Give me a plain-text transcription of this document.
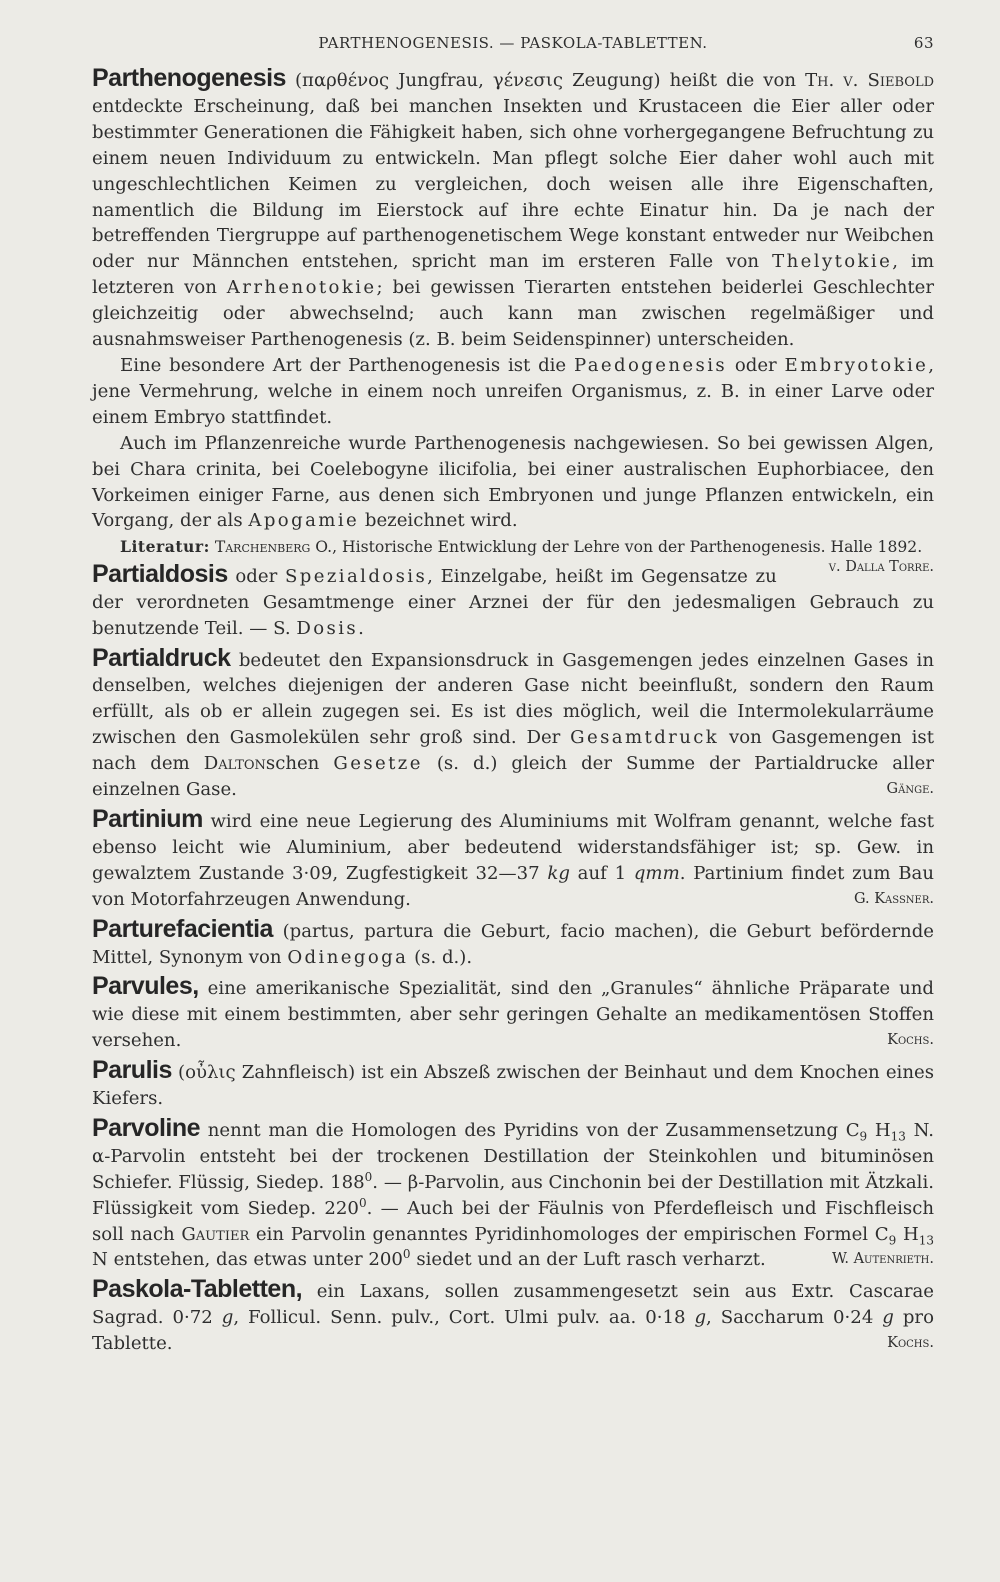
PARTHENOGENESIS. — PASKOLA-TABLETTEN.	63

Parthenogenesis (παρθένος Jungfrau, γένεσις Zeugung) heißt die von Th. v. Siebold entdeckte Erscheinung, daß bei manchen Insekten und Krustaceen die Eier aller oder bestimmter Generationen die Fähigkeit haben, sich ohne vorhergegangene Befruchtung zu einem neuen Individuum zu entwickeln. Man pflegt solche Eier daher wohl auch mit ungeschlechtlichen Keimen zu vergleichen, doch weisen alle ihre Eigenschaften, namentlich die Bildung im Eierstock auf ihre echte Einatur hin. Da je nach der betreffenden Tiergruppe auf parthenogenetischem Wege konstant entweder nur Weibchen oder nur Männchen entstehen, spricht man im ersteren Falle von Thelytokie, im letzteren von Arrhenotokie; bei gewissen Tierarten entstehen beiderlei Geschlechter gleichzeitig oder abwechselnd; auch kann man zwischen regelmäßiger und ausnahmsweiser Parthenogenesis (z. B. beim Seidenspinner) unterscheiden.

Eine besondere Art der Parthenogenesis ist die Paedogenesis oder Embryotokie, jene Vermehrung, welche in einem noch unreifen Organismus, z. B. in einer Larve oder einem Embryo stattfindet.

Auch im Pflanzenreiche wurde Parthenogenesis nachgewiesen. So bei gewissen Algen, bei Chara crinita, bei Coelebogyne ilicifolia, bei einer australischen Euphorbiacee, den Vorkeimen einiger Farne, aus denen sich Embryonen und junge Pflanzen entwickeln, ein Vorgang, der als Apogamie bezeichnet wird.

Literatur: Tarchenberg O., Historische Entwicklung der Lehre von der Parthenogenesis. Halle 1892.
v. Dalla Torre.

Partialdosis oder Spezialdosis, Einzelgabe, heißt im Gegensatze zu der verordneten Gesamtmenge einer Arznei der für den jedesmaligen Gebrauch zu benutzende Teil. — S. Dosis.

Partialdruck bedeutet den Expansionsdruck in Gasgemengen jedes einzelnen Gases in denselben, welches diejenigen der anderen Gase nicht beeinflußt, sondern den Raum erfüllt, als ob er allein zugegen sei. Es ist dies möglich, weil die Intermolekularräume zwischen den Gasmolekülen sehr groß sind. Der Gesamtdruck von Gasgemengen ist nach dem Daltonschen Gesetze (s. d.) gleich der Summe der Partialdrucke aller einzelnen Gase.	Gänge.

Partinium wird eine neue Legierung des Aluminiums mit Wolfram genannt, welche fast ebenso leicht wie Aluminium, aber bedeutend widerstandsfähiger ist; sp. Gew. in gewalztem Zustande 3·09, Zugfestigkeit 32—37 kg auf 1 qmm. Partinium findet zum Bau von Motorfahrzeugen Anwendung.	G. Kassner.

Parturefacientia (partus, partura die Geburt, facio machen), die Geburt befördernde Mittel, Synonym von Odinegoga (s. d.).

Parvules, eine amerikanische Spezialität, sind den „Granules“ ähnliche Präparate und wie diese mit einem bestimmten, aber sehr geringen Gehalte an medikamentösen Stoffen versehen.	Kochs.

Parulis (οὖλις Zahnfleisch) ist ein Abszeß zwischen der Beinhaut und dem Knochen eines Kiefers.

Parvoline nennt man die Homologen des Pyridins von der Zusammensetzung $C_9$ $H_{13}$ N. α-Parvolin entsteht bei der trockenen Destillation der Steinkohlen und bituminösen Schiefer. Flüssig, Siedep. $188^0$. — β-Parvolin, aus Cinchonin bei der Destillation mit Ätzkali. Flüssigkeit vom Siedep. $220^0$. — Auch bei der Fäulnis von Pferdefleisch und Fischfleisch soll nach Gautier ein Parvolin genanntes Pyridinhomologes der empirischen Formel $C_9$ $H_{13}$ N entstehen, das etwas unter $200^0$ siedet und an der Luft rasch verharzt.	W. Autenrieth.

Paskola-Tabletten, ein Laxans, sollen zusammengesetzt sein aus Extr. Cascarae Sagrad. 0·72 g, Follicul. Senn. pulv., Cort. Ulmi pulv. aa. 0·18 g, Saccharum 0·24 g pro Tablette.	Kochs.
